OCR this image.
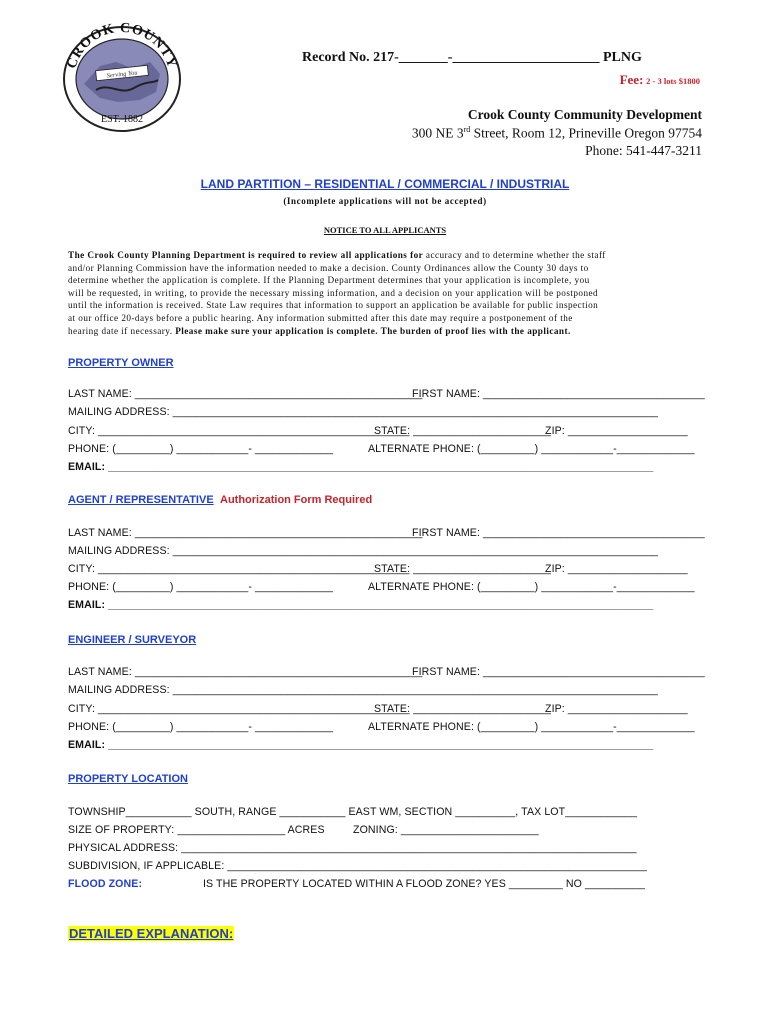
CROOK COUNTY
Serving You
EST. 1882
Record No. 217-_______-_____________________ PLNG
Fee: 2 - 3 lots $1800
Crook County Community Development
300 NE 3rd Street, Room 12, Prineville Oregon 97754
Phone: 541-447-3211
LAND PARTITION – RESIDENTIAL / COMMERCIAL / INDUSTRIAL
(Incomplete applications will not be accepted)
NOTICE TO ALL APPLICANTS
The Crook County Planning Department is required to review all applications for accuracy and to determine whether the staff
and/or Planning Commission have the information needed to make a decision. County Ordinances allow the County 30 days to
determine whether the application is complete. If the Planning Department determines that your application is incomplete, you
will be requested, in writing, to provide the necessary missing information, and a decision on your application will be postponed
until the information is received. State Law requires that information to support an application be available for public inspection
at our office 20-days before a public hearing. Any information submitted after this date may require a postponement of the
hearing date if necessary. Please make sure your application is complete. The burden of proof lies with the applicant.
PROPERTY OWNER
LAST NAME: ________________________________________________
FIRST NAME: _____________________________________
MAILING ADDRESS: _________________________________________________________________________________
CITY: ____________________________________________________
STATE: _______________________
ZIP: ____________________
PHONE: (_________) ____________- _____________	ALTERNATE PHONE: (_________) ____________-_____________
EMAIL: ___________________________________________________________________________________________
AGENT / REPRESENTATIVE Authorization Form Required
LAST NAME: ________________________________________________
FIRST NAME: _____________________________________
MAILING ADDRESS: _________________________________________________________________________________
CITY: ____________________________________________________
STATE: _______________________
ZIP: ____________________
PHONE: (_________) ____________- _____________	ALTERNATE PHONE: (_________) ____________-_____________
EMAIL: ___________________________________________________________________________________________
ENGINEER / SURVEYOR
LAST NAME: ________________________________________________
FIRST NAME: _____________________________________
MAILING ADDRESS: _________________________________________________________________________________
CITY: ____________________________________________________
STATE: _______________________
ZIP: ____________________
PHONE: (_________) ____________- _____________	ALTERNATE PHONE: (_________) ____________-_____________
EMAIL: ___________________________________________________________________________________________
PROPERTY LOCATION
TOWNSHIP___________ SOUTH, RANGE ___________ EAST WM, SECTION __________, TAX LOT____________
SIZE OF PROPERTY: __________________ ACRES	ZONING: _______________________
PHYSICAL ADDRESS: ____________________________________________________________________________
SUBDIVISION, IF APPLICABLE: ______________________________________________________________________
FLOOD ZONE:	IS THE PROPERTY LOCATED WITHIN A FLOOD ZONE? YES _________ NO __________
DETAILED EXPLANATION:
